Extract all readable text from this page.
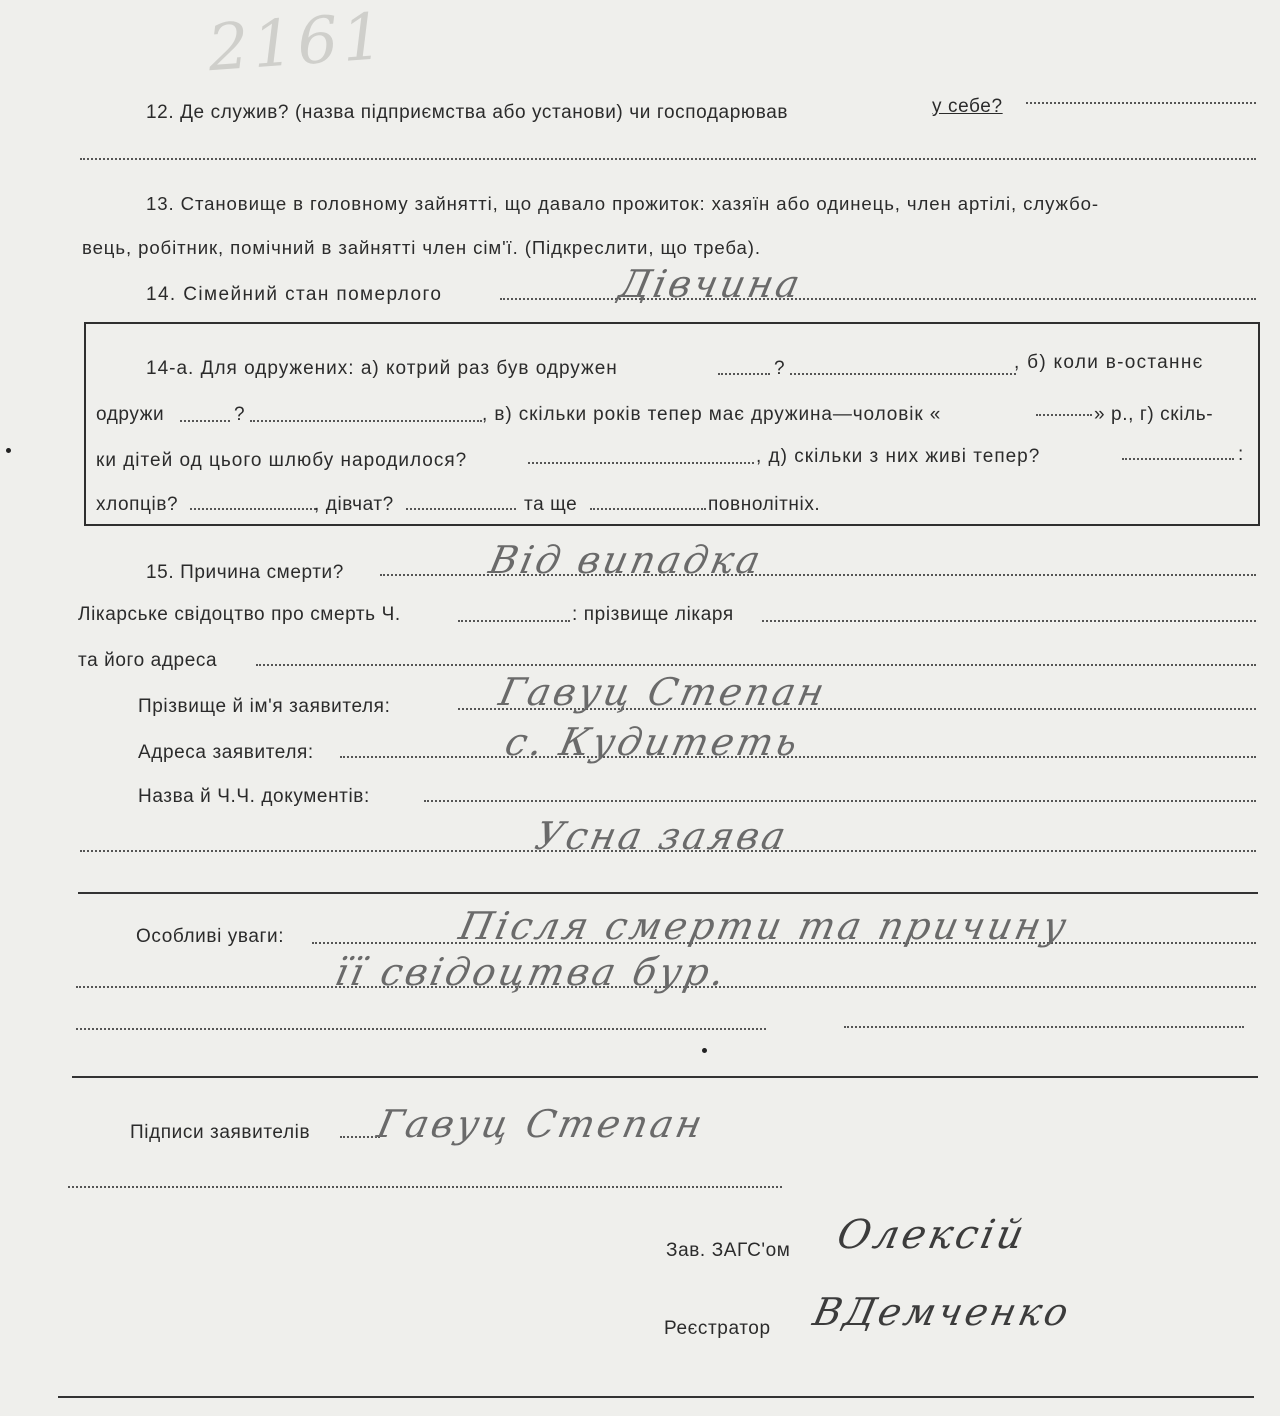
2161
12. Де служив? (назва підприємства або установи) чи господарював	у себе?
13. Становище в головному зайнятті, що давало прожиток: хазяїн або одинець, член артілі, службо-
вець, робітник, помічний в зайнятті член сім'ї. (Підкреслити, що треба).
14. Сімейний стан померлого	Дівчина
14-а. Для одружених: а) котрий раз був одружен	?	, б) коли в-останнє
одружи	?	, в) скільки років тепер має дружина—чоловік «	» р., г) скіль-
ки дітей од цього шлюбу народилося?	, д) скільки з них живі тепер?	:
хлопців?	, дівчат?	та ще	повнолітніх.
15. Причина смерти?	Від випадка
Лікарське свідоцтво про смерть Ч.	: прізвище лікаря
та його адреса
Прізвище й ім'я заявителя:	Гавуц Степан
Адреса заявителя:	с. Кудитеть
Назва й Ч.Ч. документів:
Усна заява
Особливі уваги:	Після смерти та причину
її свідоцтва бур.
Підписи заявителів Гавуц Степан
Зав. ЗАГС'ом Олексій
Реєстратор ВДемченко
